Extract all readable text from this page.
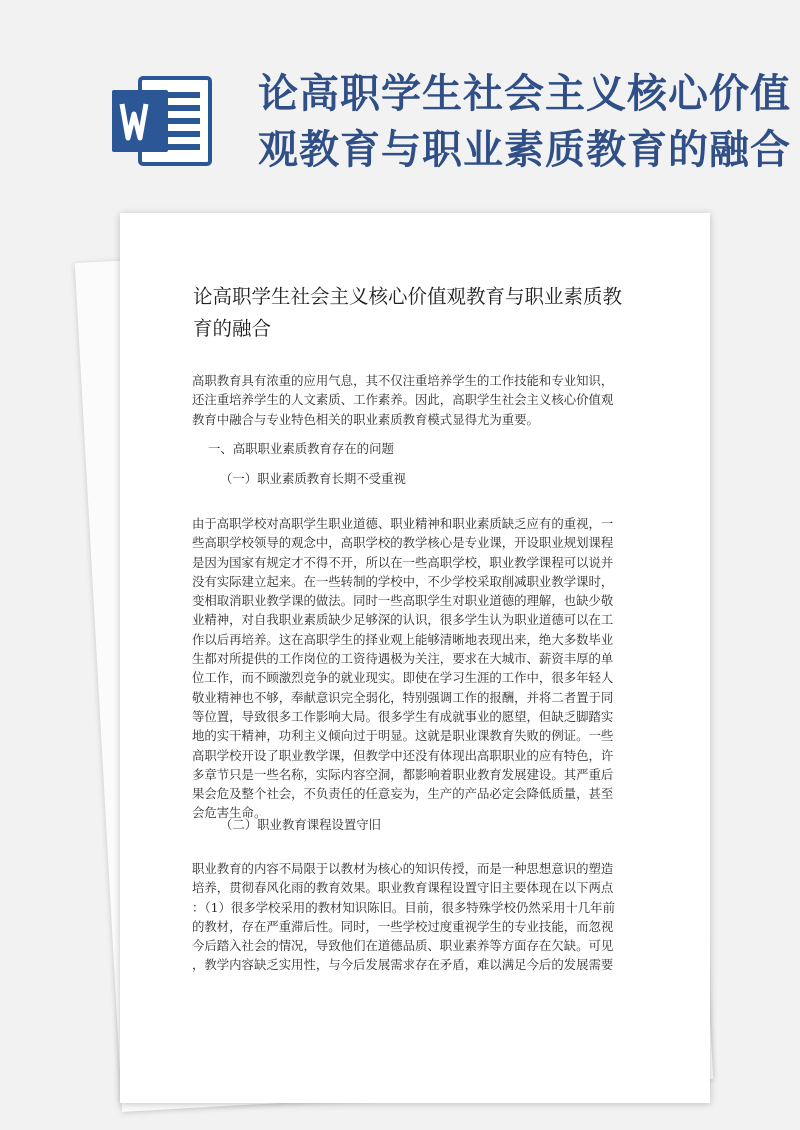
论高职学生社会主义核心价值
观教育与职业素质教育的融合
论高职学生社会主义核心价值观教育与职业素质教
育的融合
高职教育具有浓重的应用气息，其不仅注重培养学生的工作技能和专业知识，
还注重培养学生的人文素质、工作素养。因此，高职学生社会主义核心价值观
教育中融合与专业特色相关的职业素质教育模式显得尤为重要。
一、高职职业素质教育存在的问题
（一）职业素质教育长期不受重视
由于高职学校对高职学生职业道德、职业精神和职业素质缺乏应有的重视，一
些高职学校领导的观念中，高职学校的教学核心是专业课，开设职业规划课程
是因为国家有规定才不得不开，所以在一些高职学校，职业教学课程可以说并
没有实际建立起来。在一些转制的学校中，不少学校采取削减职业教学课时，
变相取消职业教学课的做法。同时一些高职学生对职业道德的理解，也缺少敬
业精神，对自我职业素质缺少足够深的认识，很多学生认为职业道德可以在工
作以后再培养。这在高职学生的择业观上能够清晰地表现出来，绝大多数毕业
生都对所提供的工作岗位的工资待遇极为关注，要求在大城市、薪资丰厚的单
位工作，而不顾激烈竞争的就业现实。即使在学习生涯的工作中，很多年轻人
敬业精神也不够，奉献意识完全弱化，特别强调工作的报酬，并将二者置于同
等位置，导致很多工作影响大局。很多学生有成就事业的愿望，但缺乏脚踏实
地的实干精神，功利主义倾向过于明显。这就是职业课教育失败的例证。一些
高职学校开设了职业教学课，但教学中还没有体现出高职职业的应有特色，许
多章节只是一些名称，实际内容空洞，都影响着职业教育发展建设。其严重后
果会危及整个社会，不负责任的任意妄为，生产的产品必定会降低质量，甚至
会危害生命。
（二）职业教育课程设置守旧
职业教育的内容不局限于以教材为核心的知识传授，而是一种思想意识的塑造
培养，贯彻春风化雨的教育效果。职业教育课程设置守旧主要体现在以下两点
：（1）很多学校采用的教材知识陈旧。目前，很多特殊学校仍然采用十几年前
的教材，存在严重滞后性。同时，一些学校过度重视学生的专业技能，而忽视
今后踏入社会的情况，导致他们在道德品质、职业素养等方面存在欠缺。可见
，教学内容缺乏实用性，与今后发展需求存在矛盾，难以满足今后的发展需要
